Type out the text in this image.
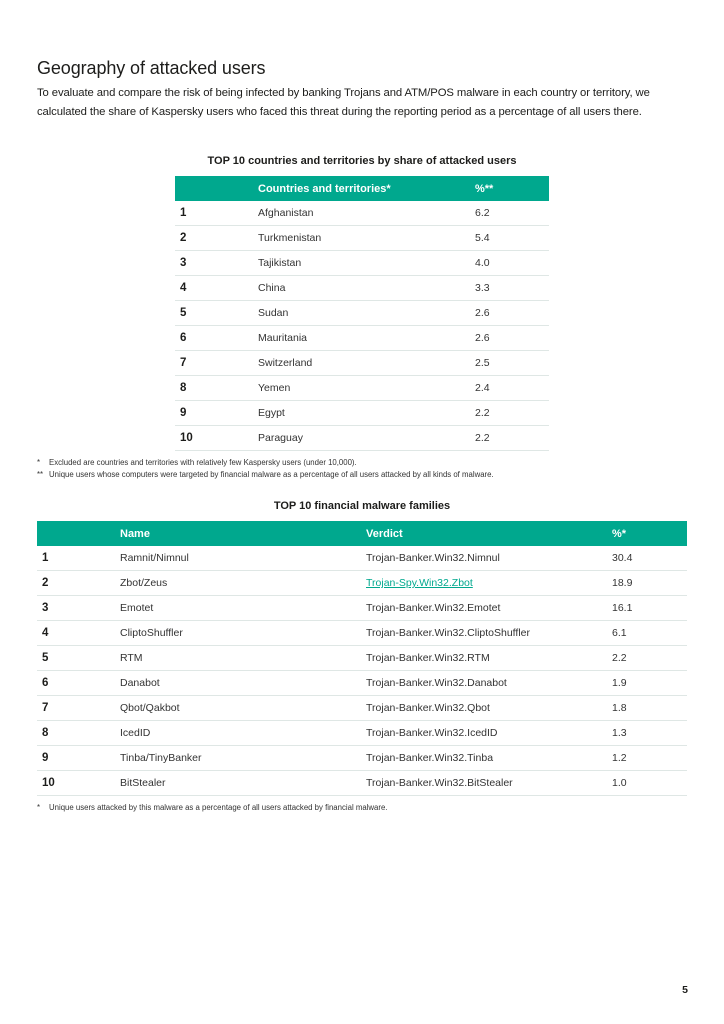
Geography of attacked users

To evaluate and compare the risk of being infected by banking Trojans and ATM/POS malware in each country or territory, we calculated the share of Kaspersky users who faced this threat during the reporting period as a percentage of all users there.

TOP 10 countries and territories by share of attacked users
	Countries and territories*	%**
1	Afghanistan	6.2
2	Turkmenistan	5.4
3	Tajikistan	4.0
4	China	3.3
5	Sudan	2.6
6	Mauritania	2.6
7	Switzerland	2.5
8	Yemen	2.4
9	Egypt	2.2
10	Paraguay	2.2
* Excluded are countries and territories with relatively few Kaspersky users (under 10,000).
** Unique users whose computers were targeted by financial malware as a percentage of all users attacked by all kinds of malware.
TOP 10 financial malware families
	Name	Verdict	%*
1	Ramnit/Nimnul	Trojan-Banker.Win32.Nimnul	30.4
2	Zbot/Zeus	Trojan-Spy.Win32.Zbot	18.9
3	Emotet	Trojan-Banker.Win32.Emotet	16.1
4	CliptoShuffler	Trojan-Banker.Win32.CliptoShuffler	6.1
5	RTM	Trojan-Banker.Win32.RTM	2.2
6	Danabot	Trojan-Banker.Win32.Danabot	1.9
7	Qbot/Qakbot	Trojan-Banker.Win32.Qbot	1.8
8	IcedID	Trojan-Banker.Win32.IcedID	1.3
9	Tinba/TinyBanker	Trojan-Banker.Win32.Tinba	1.2
10	BitStealer	Trojan-Banker.Win32.BitStealer	1.0
* Unique users attacked by this malware as a percentage of all users attacked by financial malware.
5
